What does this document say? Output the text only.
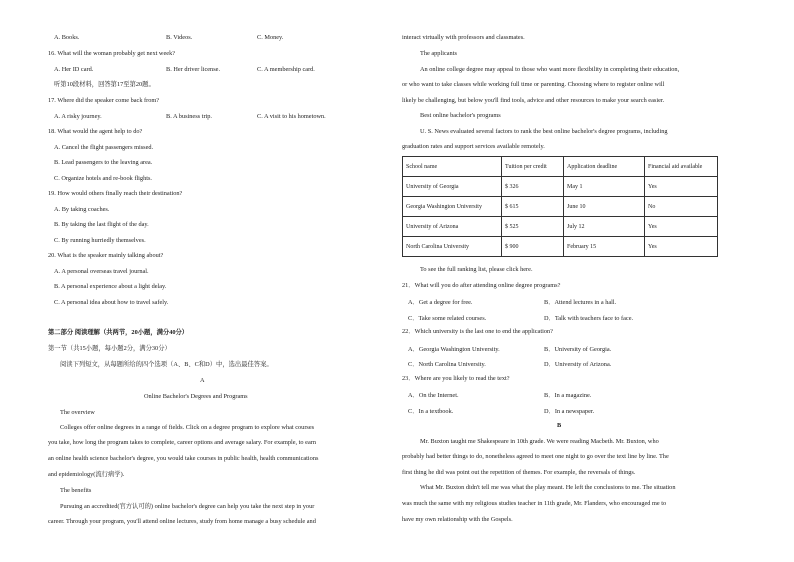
A. Books.	B. Videos.	C. Money.
16. What will the woman probably get next week?
A. Her ID card.	B. Her driver license.	C. A membership card.
听第10段材料，回答第17至第20题。
17. Where did the speaker come back from?
A. A risky journey.	B. A business trip.	C. A visit to his hometown.
18. What would the agent help to do?
A. Cancel the flight passengers missed.
B. Lead passengers to the leaving area.
C. Organize hotels and re-book flights.
19. How would others finally reach their destination?
A. By taking coaches.
B. By taking the last flight of the day.
C. By running hurriedly themselves.
20. What is the speaker mainly talking about?
A. A personal overseas travel journal.
B. A personal experience about a light delay.
C. A personal idea about how to travel safely.
第二部分 阅读理解（共两节，20小题，满分40分）
第一节（共15小题，每小题2分，满分30分）
阅读下列短文，从每题所给的四个选项（A、B、C和D）中，选出最佳答案。
A
Online Bachelor's Degrees and Programs
The overview
Colleges offer online degrees in a range of fields. Click on a degree program to explore what courses
you take, how long the program takes to complete, career options and average salary. For example, to earn
an online health science bachelor's degree, you would take courses in public health, health communications
and epidemiology(流行病学).
The benefits
Pursuing an accredited(官方认可的) online bachelor's degree can help you take the next step in your
career. Through your program, you'll attend online lectures, study from home manage a busy schedule and
interact virtually with professors and classmates.
The applicants
An online college degree may appeal to those who want more flexibility in completing their education,
or who want to take classes while working full time or parenting. Choosing where to register online will
likely be challenging, but below you'll find tools, advice and other resources to make your search easier.
Best online bachelor's programs
U. S. News evaluated several factors to rank the best online bachelor's degree programs, including
graduation rates and support services available remotely.
School name	Tuition per credit	Application deadline	Financial aid available
University of Georgia	$ 326	May 1	Yes
Georgia Washington University	$ 615	June 10	No
University of Arizona	$ 525	July 12	Yes
North Carolina University	$ 900	February 15	Yes
To see the full ranking list, please click here.
21．What will you do after attending online degree programs?
A．Get a degree for free.	B．Attend lectures in a hall.
C．Take some related courses.	D．Talk with teachers face to face.
22．Which university is the last one to end the application?
A．Georgia Washington University.	B．University of Georgia.
C．North Carolina University.	D．University of Arizona.
23．Where are you likely to read the text?
A．On the Internet.	B．In a magazine.
C．In a textbook.	D．In a newspaper.
B
Mr. Buxton taught me Shakespeare in 10th grade. We were reading Macbeth. Mr. Buxton, who
probably had better things to do, nonetheless agreed to meet one night to go over the text line by line. The
first thing he did was point out the repetition of themes. For example, the reversals of things.
What Mr. Buxton didn't tell me was what the play meant. He left the conclusions to me. The situation
was much the same with my religious studies teacher in 11th grade, Mr. Flanders, who encouraged me to
have my own relationship with the Gospels.
